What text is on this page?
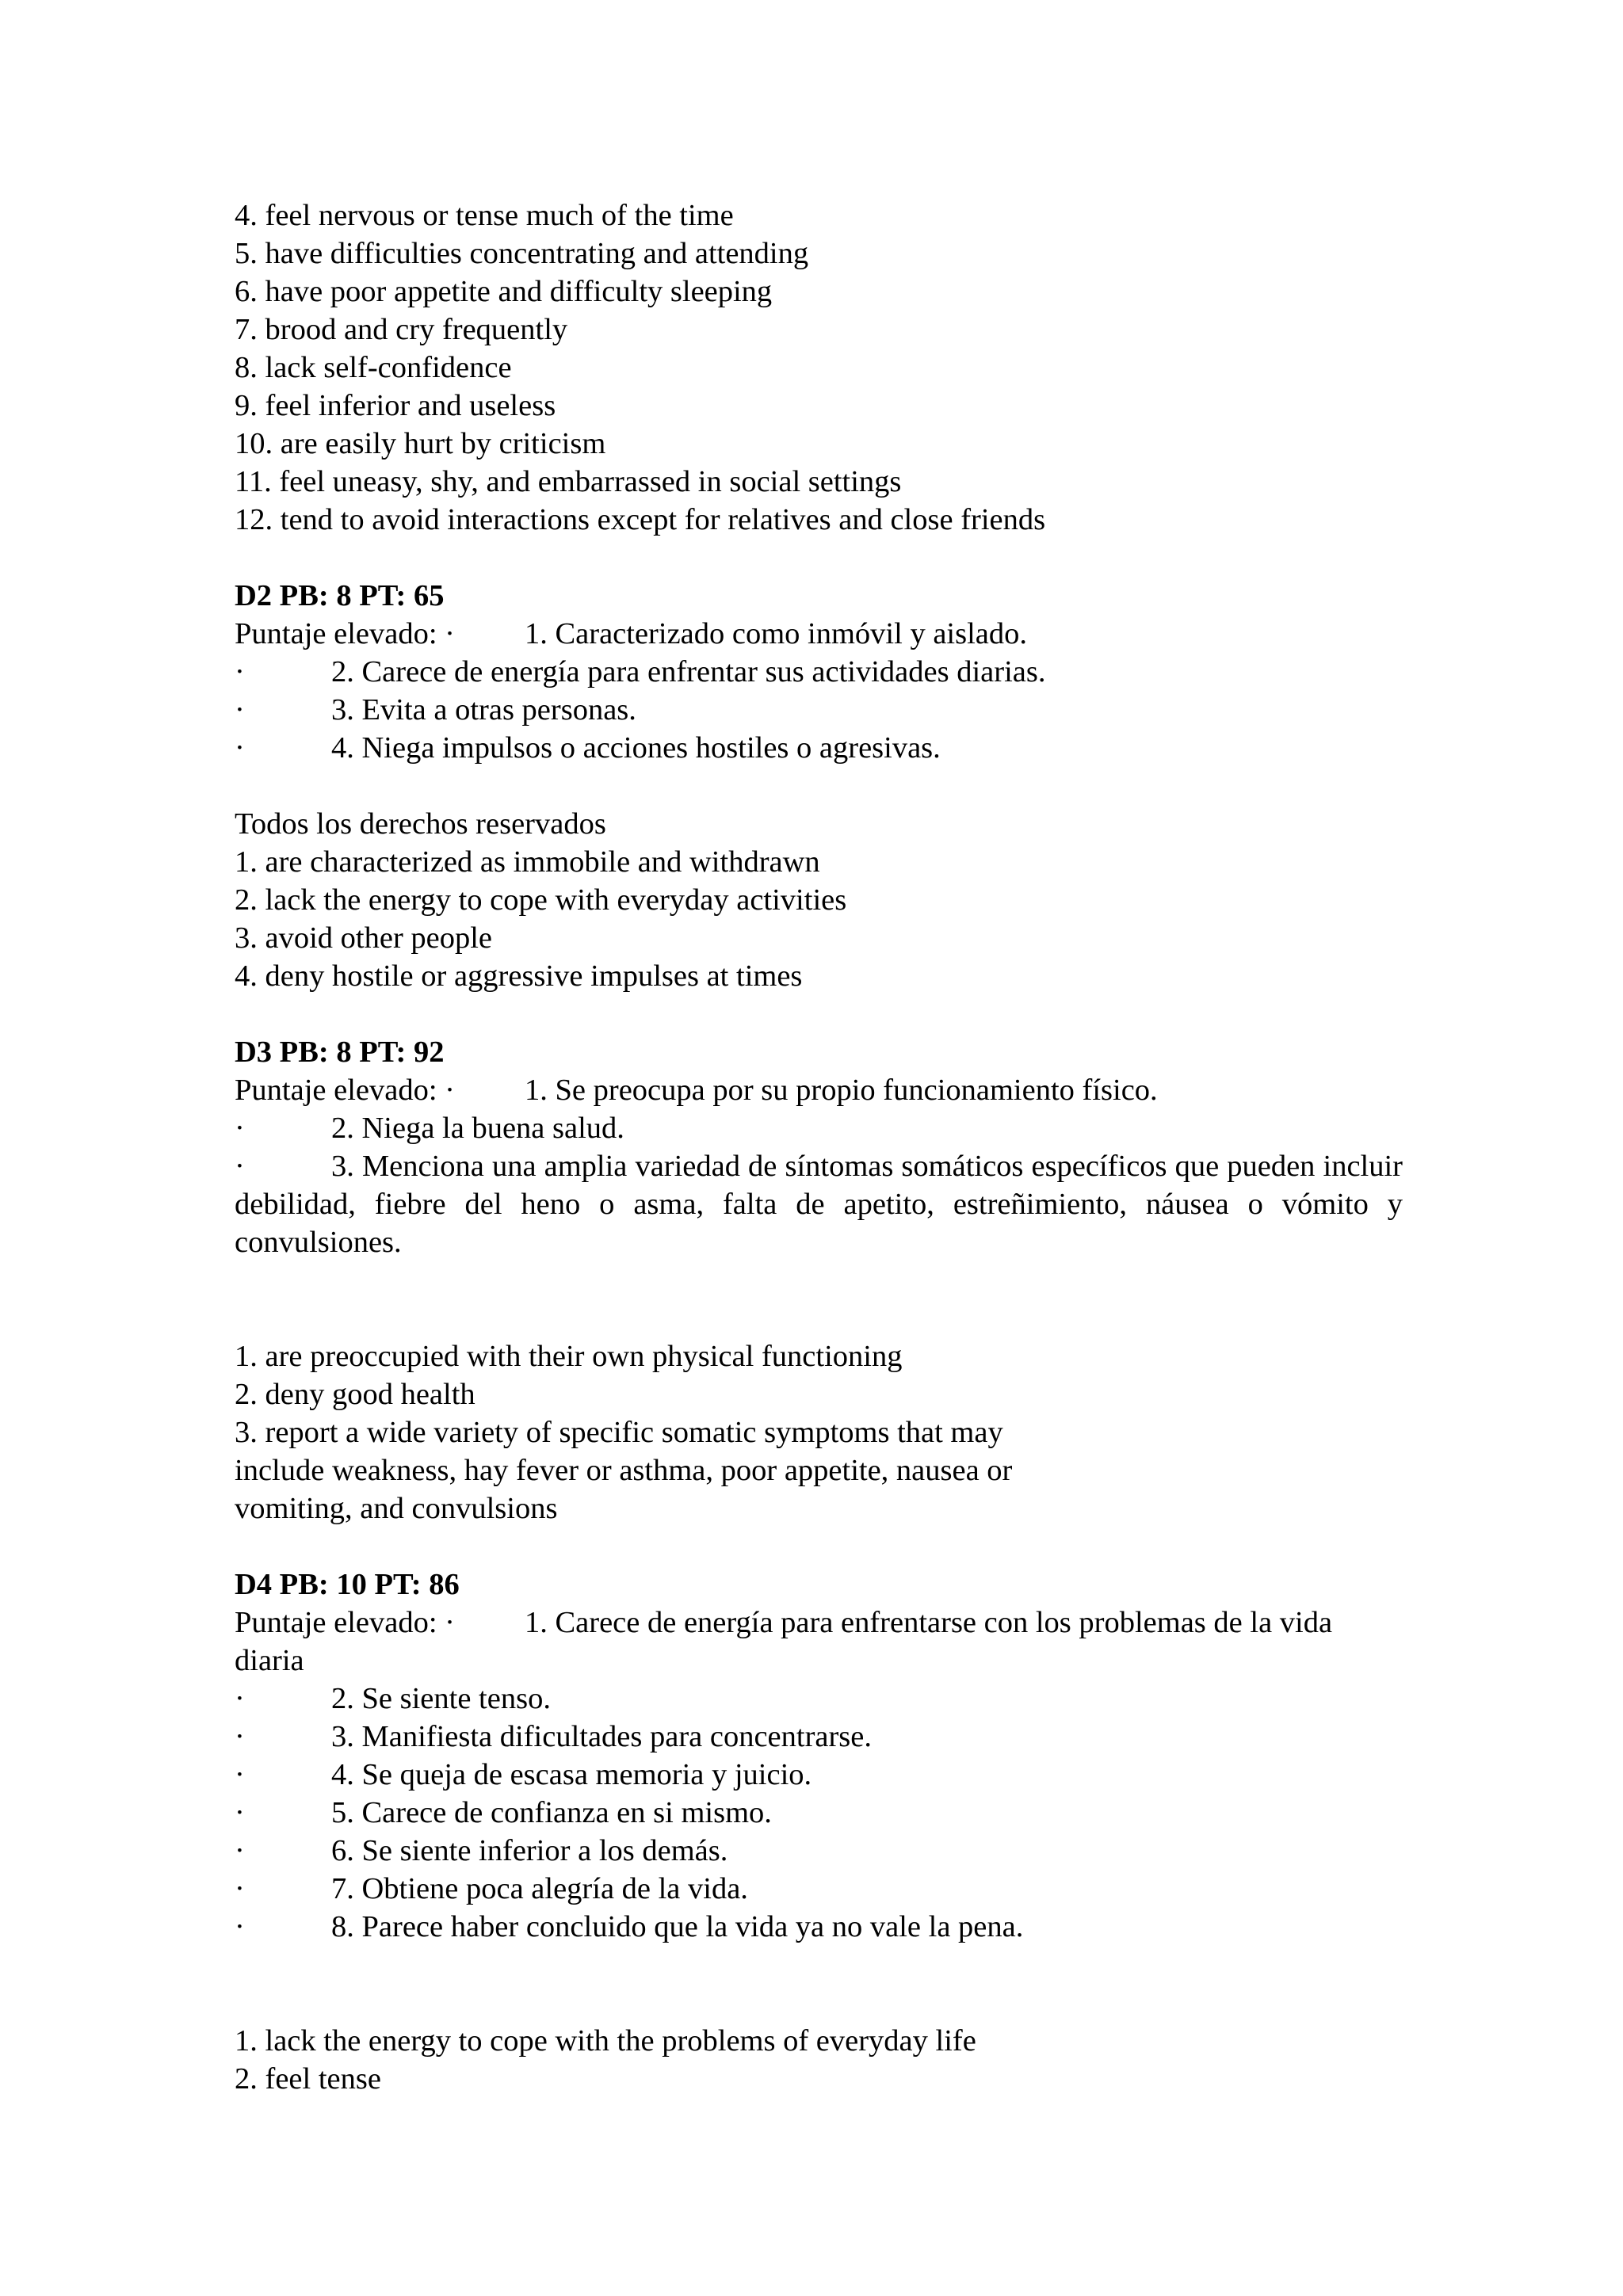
4. feel nervous or tense much of the time
5. have difficulties concentrating and attending
6. have poor appetite and difficulty sleeping
7. brood and cry frequently
8. lack self-confidence
9. feel inferior and useless
10. are easily hurt by criticism
11. feel uneasy, shy, and embarrassed in social settings
12. tend to avoid interactions except for relatives and close friends
D2 PB: 8 PT: 65
Puntaje elevado: · 1. Caracterizado como inmóvil y aislado.
·	2. Carece de energía para enfrentar sus actividades diarias.
·	3. Evita a otras personas.
·	4. Niega impulsos o acciones hostiles o agresivas.
Todos los derechos reservados
1. are characterized as immobile and withdrawn
2. lack the energy to cope with everyday activities
3. avoid other people
4. deny hostile or aggressive impulses at times
D3 PB: 8 PT: 92
Puntaje elevado: · 1. Se preocupa por su propio funcionamiento físico.
·	2. Niega la buena salud.
·	3. Menciona una amplia variedad de síntomas somáticos específicos que pueden incluir debilidad, fiebre del heno o asma, falta de apetito, estreñimiento, náusea o vómito y convulsiones.
1. are preoccupied with their own physical functioning
2. deny good health
3. report a wide variety of specific somatic symptoms that may
include weakness, hay fever or asthma, poor appetite, nausea or
vomiting, and convulsions
D4 PB: 10 PT: 86
Puntaje elevado: · 1. Carece de energía para enfrentarse con los problemas de la vida
diaria
·	2. Se siente tenso.
·	3. Manifiesta dificultades para concentrarse.
·	4. Se queja de escasa memoria y juicio.
·	5. Carece de confianza en si mismo.
·	6. Se siente inferior a los demás.
·	7. Obtiene poca alegría de la vida.
·	8. Parece haber concluido que la vida ya no vale la pena.
1. lack the energy to cope with the problems of everyday life
2. feel tense
